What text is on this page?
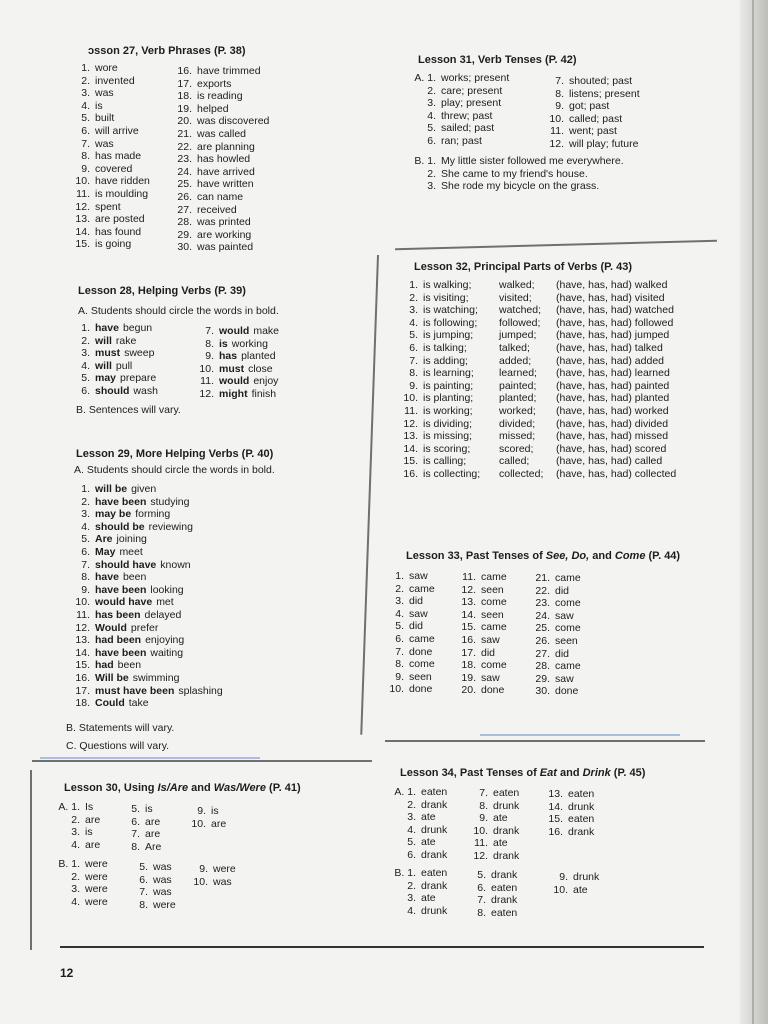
12
ɔsson 27, Verb Phrases (P. 38)
1. wore
2. invented
3. was
4. is
5. built
6. will arrive
7. was
8. has made
9. covered
10. have ridden
11. is moulding
12. spent
13. are posted
14. has found
15. is going
16. have trimmed
17. exports
18. is reading
19. helped
20. was discovered
21. was called
22. are planning
23. has howled
24. have arrived
25. have written
26. can name
27. received
28. was printed
29. are working
30. was painted
Lesson 28, Helping Verbs (P. 39)
A. Students should circle the words in bold.
1. have begun
2. will rake
3. must sweep
4. will pull
5. may prepare
6. should wash
7. would make
8. is working
9. has planted
10. must close
11. would enjoy
12. might finish
B. Sentences will vary.
Lesson 29, More Helping Verbs (P. 40)
A. Students should circle the words in bold.
1. will be given
2. have been studying
3. may be forming
4. should be reviewing
5. Are joining
6. May meet
7. should have known
8. have been
9. have been looking
10. would have met
11. has been delayed
12. Would prefer
13. had been enjoying
14. have been waiting
15. had been
16. Will be swimming
17. must have been splashing
18. Could take
B. Statements will vary.
C. Questions will vary.
Lesson 30, Using Is/Are and Was/Were (P. 41)
A. 1. Is
2. are
3. is
4. are
5. is
6. are
7. are
8. Are
9. is
10. are
B. 1. were
2. were
3. were
4. were
5. was
6. was
7. was
8. were
9. were
10. was
Lesson 31, Verb Tenses (P. 42)
A. 1. works; present
2. care; present
3. play; present
4. threw; past
5. sailed; past
6. ran; past
7. shouted; past
8. listens; present
9. got; past
10. called; past
11. went; past
12. will play; future
B. 1. My little sister followed me everywhere.
2. She came to my friend's house.
3. She rode my bicycle on the grass.
Lesson 32, Principal Parts of Verbs (P. 43)
1. is walking;	walked; (have, has, had) walked
2. is visiting;	visited; (have, has, had) visited
3. is watching; watched; (have, has, had) watched
4. is following; followed; (have, has, had) followed
5. is jumping; jumped; (have, has, had) jumped
6. is talking;	talked; (have, has, had) talked
7. is adding;	added; (have, has, had) added
8. is learning; learned; (have, has, had) learned
9. is painting; painted; (have, has, had) painted
10. is planting; planted; (have, has, had) planted
11. is working;	worked; (have, has, had) worked
12. is dividing;	divided; (have, has, had) divided
13. is missing;	missed; (have, has, had) missed
14. is scoring;	scored; (have, has, had) scored
15. is calling;	called;	(have, has, had) called
16. is collecting; collected; (have, has, had) collected
Lesson 33, Past Tenses of See, Do, and Come (P. 44)
1. saw
2. came
3. did
4. saw
5. did
6. came
7. done
8. come
9. seen
10. done
11. came
12. seen
13. come
14. seen
15. came
16. saw
17. did
18. come
19. saw
20. done
21. came
22. did
23. come
24. saw
25. come
26. seen
27. did
28. came
29. saw
30. done
Lesson 34, Past Tenses of Eat and Drink (P. 45)
A. 1. eaten
2. drank
3. ate
4. drunk
5. ate
6. drank
7. eaten
8. drunk
9. ate
10. drank
11. ate
12. drank
13. eaten
14. drunk
15. eaten
16. drank
B. 1. eaten
2. drank
3. ate
4. drunk
5. drank
6. eaten
7. drank
8. eaten
9. drunk
10. ate
